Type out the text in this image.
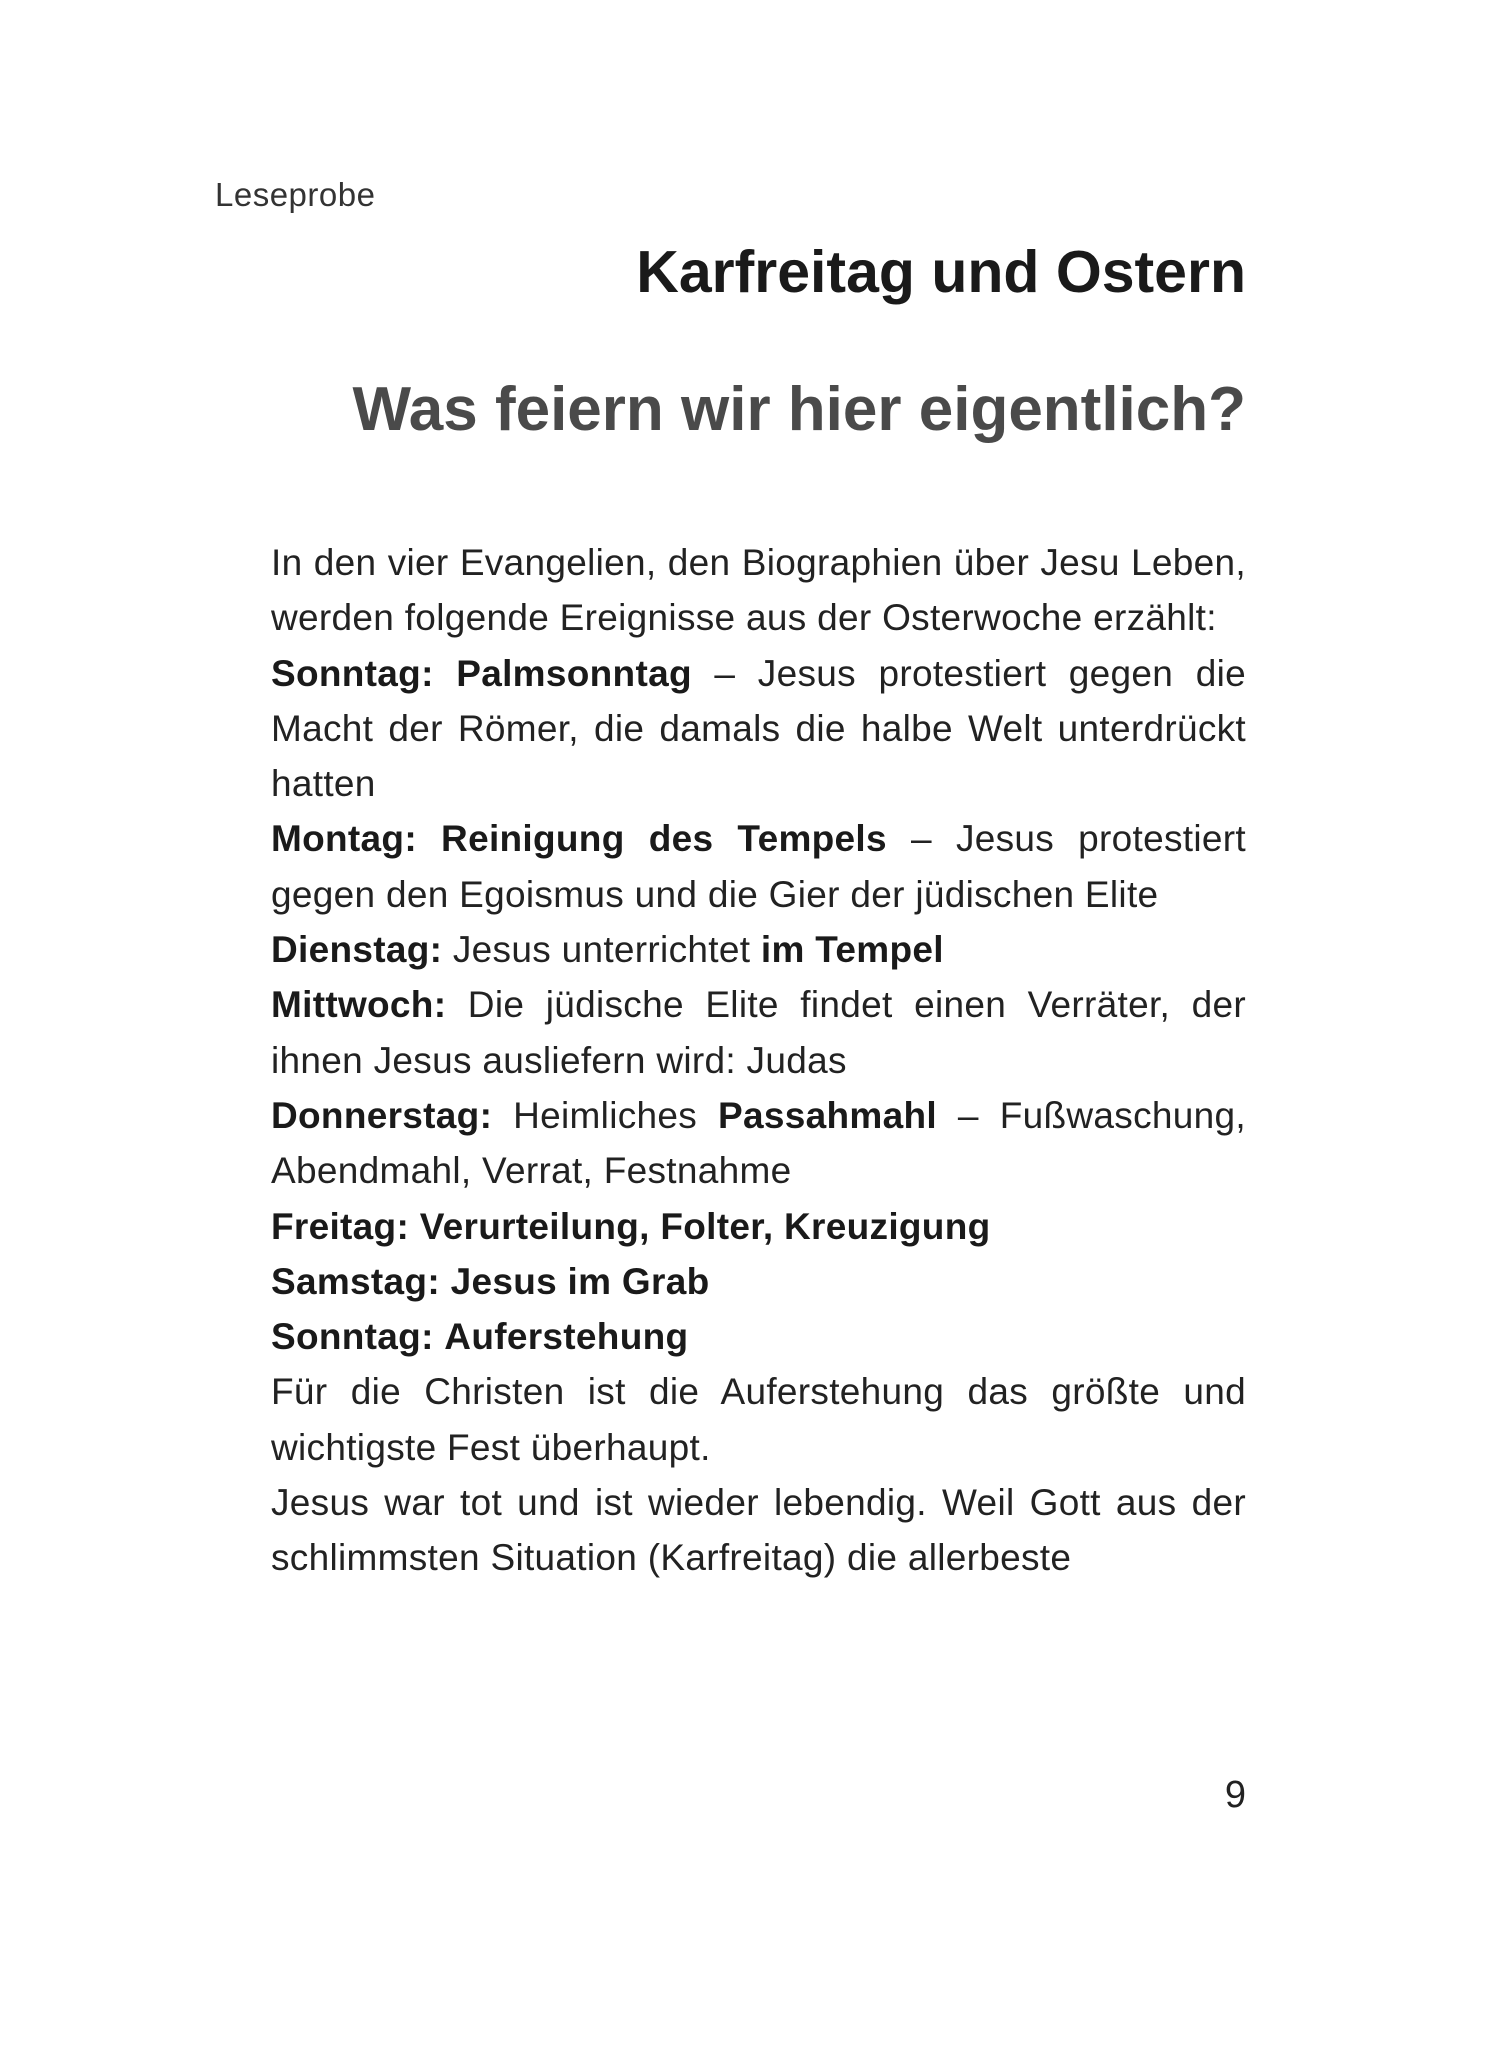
Leseprobe
Karfreitag und Ostern
Was feiern wir hier eigentlich?

In den vier Evangelien, den Biographien über Jesu Leben, werden folgende Ereignisse aus der Osterwoche erzählt:

Sonntag: Palmsonntag – Jesus protestiert gegen die Macht der Römer, die damals die halbe Welt unterdrückt hatten

Montag: Reinigung des Tempels – Jesus protestiert gegen den Egoismus und die Gier der jüdischen Elite

Dienstag: Jesus unterrichtet im Tempel

Mittwoch: Die jüdische Elite findet einen Verräter, der ihnen Jesus ausliefern wird: Judas

Donnerstag: Heimliches Passahmahl – Fußwaschung, Abendmahl, Verrat, Festnahme

Freitag: Verurteilung, Folter, Kreuzigung

Samstag: Jesus im Grab

Sonntag: Auferstehung

Für die Christen ist die Auferstehung das größte und wichtigste Fest überhaupt.

Jesus war tot und ist wieder lebendig. Weil Gott aus der schlimmsten Situation (Karfreitag) die allerbeste

9
